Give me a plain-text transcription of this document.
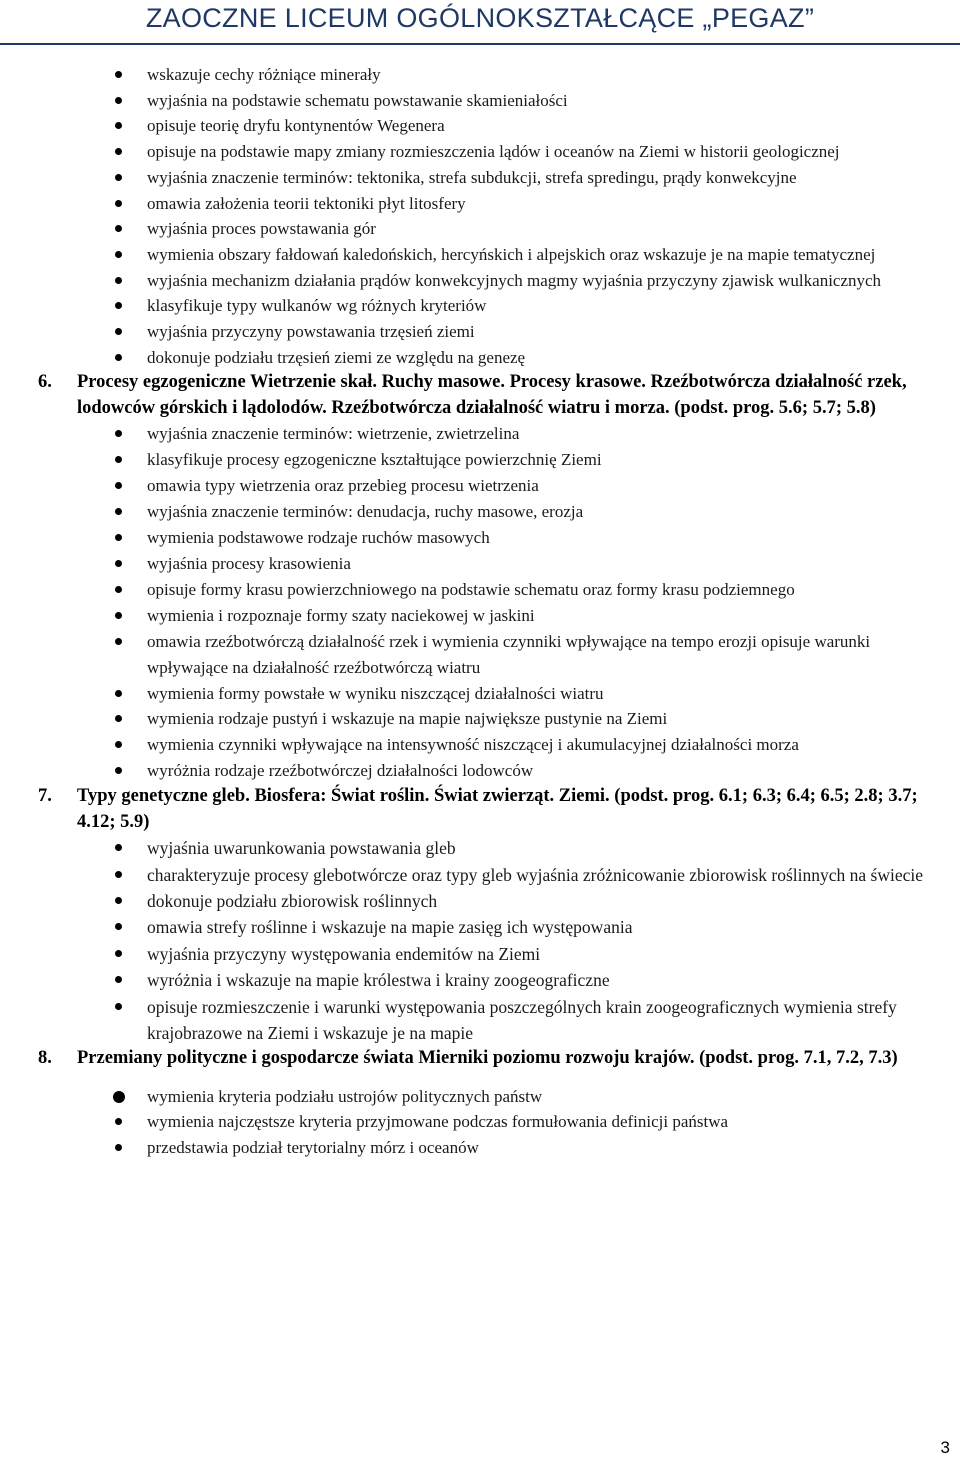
ZAOCZNE LICEUM OGÓLNOKSZTAŁCĄCE „PEGAZ”
wskazuje cechy różniące minerały
wyjaśnia na podstawie schematu powstawanie skamieniałości
opisuje teorię dryfu kontynentów Wegenera
opisuje na podstawie mapy zmiany rozmieszczenia lądów i oceanów na Ziemi w historii geologicznej
wyjaśnia znaczenie terminów: tektonika, strefa subdukcji, strefa spredingu, prądy konwekcyjne
omawia założenia teorii tektoniki płyt litosfery
wyjaśnia proces powstawania gór
wymienia obszary fałdowań kaledońskich, hercyńskich i alpejskich oraz wskazuje je na mapie tematycznej
wyjaśnia mechanizm działania prądów konwekcyjnych magmy wyjaśnia przyczyny zjawisk wulkanicznych
klasyfikuje typy wulkanów wg różnych kryteriów
wyjaśnia przyczyny powstawania trzęsień ziemi
dokonuje podziału trzęsień ziemi ze względu na genezę

6. Procesy egzogeniczne Wietrzenie skał. Ruchy masowe. Procesy krasowe. Rzeźbotwórcza działalność rzek, lodowców górskich i lądolodów. Rzeźbotwórcza działalność wiatru i morza. (podst. prog. 5.6; 5.7; 5.8)

wyjaśnia znaczenie terminów: wietrzenie, zwietrzelina
klasyfikuje procesy egzogeniczne kształtujące powierzchnię Ziemi
omawia typy wietrzenia oraz przebieg procesu wietrzenia
wyjaśnia znaczenie terminów: denudacja, ruchy masowe, erozja
wymienia podstawowe rodzaje ruchów masowych
wyjaśnia procesy krasowienia
opisuje formy krasu powierzchniowego na podstawie schematu oraz formy krasu podziemnego
wymienia i rozpoznaje formy szaty naciekowej w jaskini
omawia rzeźbotwórczą działalność rzek i wymienia czynniki wpływające na tempo erozji opisuje warunki wpływające na działalność rzeźbotwórczą wiatru
wymienia formy powstałe w wyniku niszczącej działalności wiatru
wymienia rodzaje pustyń i wskazuje na mapie największe pustynie na Ziemi
wymienia czynniki wpływające na intensywność niszczącej i akumulacyjnej działalności morza
wyróżnia rodzaje rzeźbotwórczej działalności lodowców

7. Typy genetyczne gleb. Biosfera: Świat roślin. Świat zwierząt. Ziemi. (podst. prog. 6.1; 6.3; 6.4; 6.5; 2.8; 3.7; 4.12; 5.9)

wyjaśnia uwarunkowania powstawania gleb
charakteryzuje procesy glebotwórcze oraz typy gleb wyjaśnia zróżnicowanie zbiorowisk roślinnych na świecie
dokonuje podziału zbiorowisk roślinnych
omawia strefy roślinne i wskazuje na mapie zasięg ich występowania
wyjaśnia przyczyny występowania endemitów na Ziemi
wyróżnia i wskazuje na mapie królestwa i krainy zoogeograficzne
opisuje rozmieszczenie i warunki występowania poszczególnych krain zoogeograficznych wymienia strefy krajobrazowe na Ziemi i wskazuje je na mapie

8. Przemiany polityczne i gospodarcze świata Mierniki poziomu rozwoju krajów. (podst. prog. 7.1, 7.2, 7.3)

wymienia kryteria podziału ustrojów politycznych państw
wymienia najczęstsze kryteria przyjmowane podczas formułowania definicji państwa
przedstawia podział terytorialny mórz i oceanów
3
